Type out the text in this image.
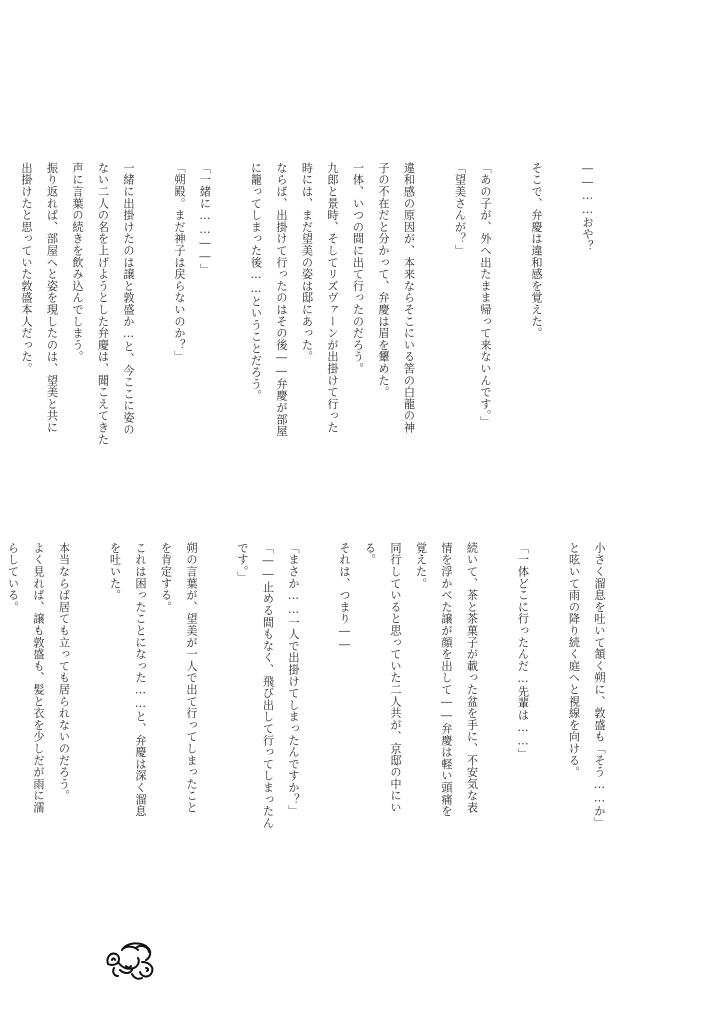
――……おや？

そこで、弁慶は違和感を覚えた。

「あの子が、外へ出たまま帰って来ないんです。」
「望美さんが？」

違和感の原因が、本来ならそこにいる筈の白龍の神
子の不在だと分かって、弁慶は眉を顰めた。
一体、いつの間に出て行ったのだろう。
九郎と景時、そしてリズヴァーンが出掛けて行った
時には、まだ望美の姿は邸にあった。
ならば、出掛けて行ったのはその後――弁慶が部屋
に籠ってしまった後……ということだろう。

「一緒に……――」
「朔殿。まだ神子は戻らないのか？」

一緒に出掛けたのは譲と敦盛か…と、今ここに姿の
ない二人の名を上げようとした弁慶は、聞こえてきた
声に言葉の続きを飲み込んでしまう。
振り返れば、部屋へと姿を現したのは、望美と共に
出掛けたと思っていた敦盛本人だった。
小さく溜息を吐いて頷く朔に、敦盛も「そう……か」
と呟いて雨の降り続く庭へと視線を向ける。

「一体どこに行ったんだ…先輩は……」

続いて、茶と茶菓子が載った盆を手に、不安気な表
情を浮かべた譲が顔を出して――弁慶は軽い頭痛を
覚えた。
同行していると思っていた二人共が、京邸の中にい
る。
それは、つまり――

「まさか……一人で出掛けてしまったんですか？」
「――止める間もなく、飛び出して行ってしまったん
です。」

朔の言葉が、望美が一人で出て行ってしまったこと
を肯定する。
これは困ったことになった……と、弁慶は深く溜息
を吐いた。

本当ならば居ても立っても居られないのだろう。
よく見れば、譲も敦盛も、髪と衣を少しだが雨に濡
らしている。
